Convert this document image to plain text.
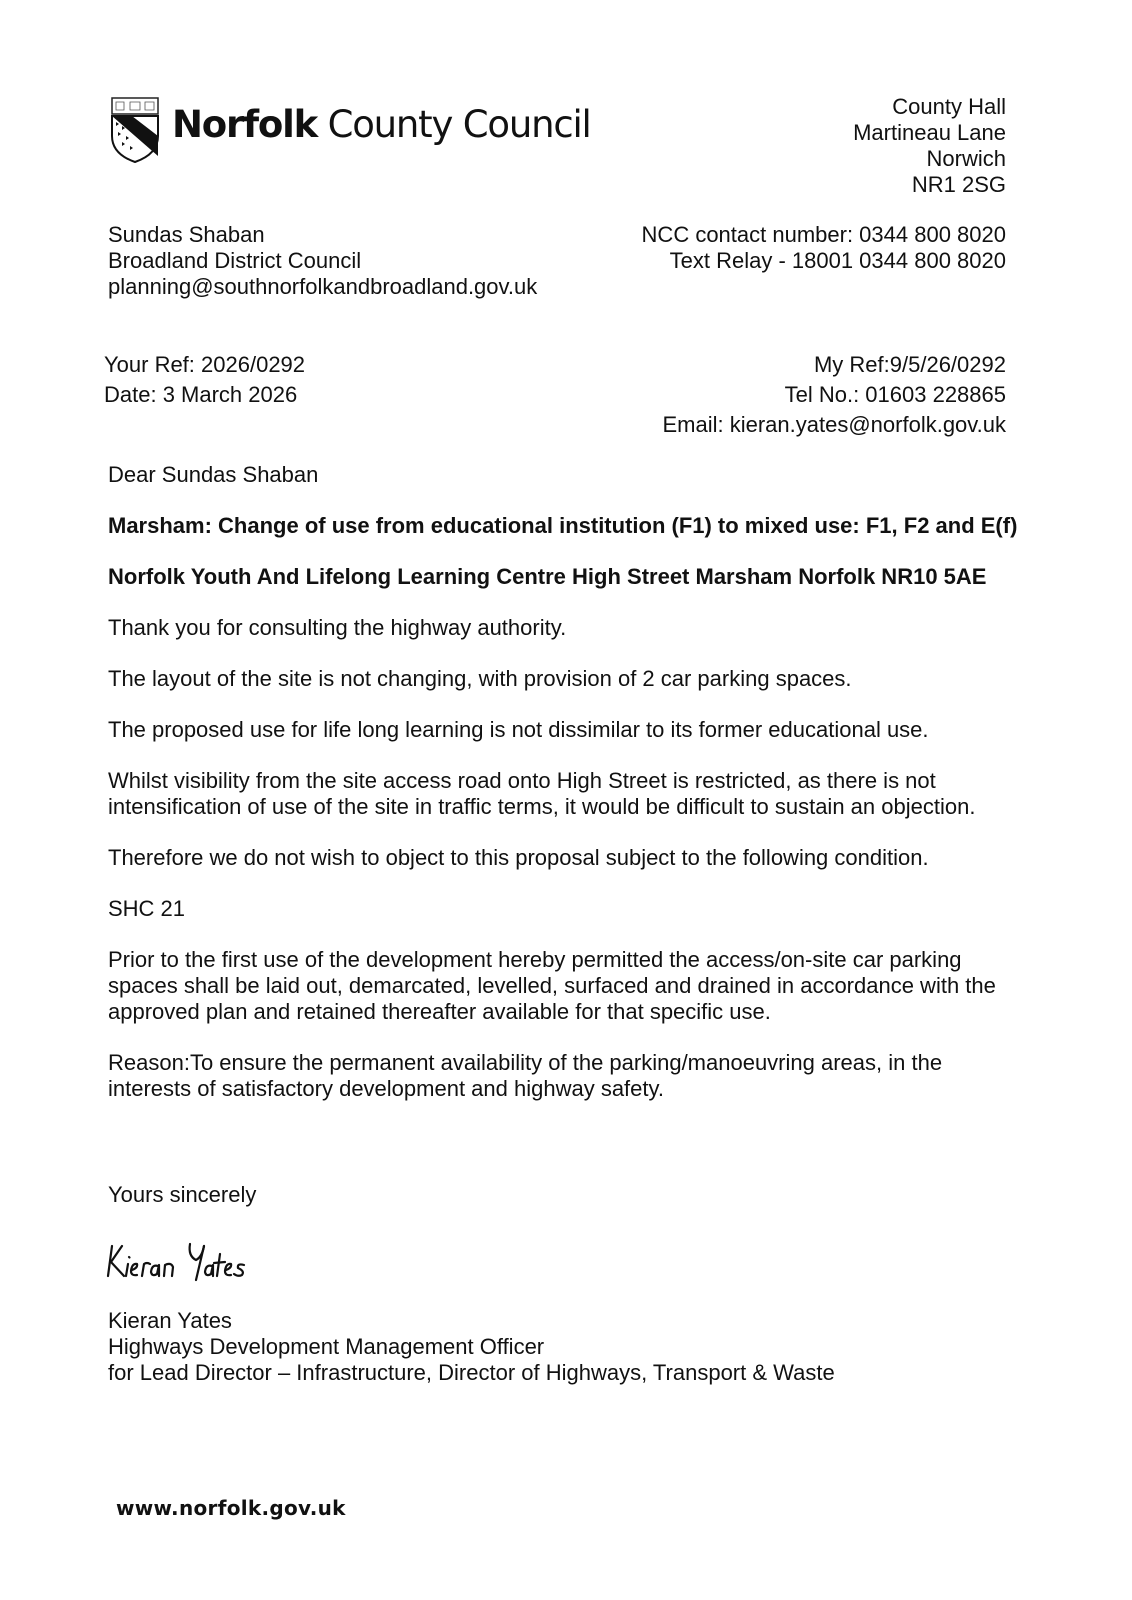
Norfolk County Council	County Hall
Martineau Lane
Norwich
NR1 2SG
Sundas Shaban
Broadland District Council
planning@southnorfolkandbroadland.gov.uk
NCC contact number: 0344 800 8020
Text Relay - 18001 0344 800 8020
Your Ref: 2026/0292
Date: 3 March 2026
My Ref:9/5/26/0292
Tel No.: 01603 228865
Email: kieran.yates@norfolk.gov.uk

Dear Sundas Shaban

Marsham: Change of use from educational institution (F1) to mixed use: F1, F2 and E(f)

Norfolk Youth And Lifelong Learning Centre High Street Marsham Norfolk NR10 5AE

Thank you for consulting the highway authority.

The layout of the site is not changing, with provision of 2 car parking spaces.

The proposed use for life long learning is not dissimilar to its former educational use.

Whilst visibility from the site access road onto High Street is restricted, as there is not intensification of use of the site in traffic terms, it would be difficult to sustain an objection.

Therefore we do not wish to object to this proposal subject to the following condition.

SHC 21

Prior to the first use of the development hereby permitted the access/on-site car parking spaces shall be laid out, demarcated, levelled, surfaced and drained in accordance with the approved plan and retained thereafter available for that specific use.

Reason:To ensure the permanent availability of the parking/manoeuvring areas, in the interests of satisfactory development and highway safety.

Yours sincerely
Kieran Yates
Highways Development Management Officer
for Lead Director – Infrastructure, Director of Highways, Transport & Waste
www.norfolk.gov.uk
